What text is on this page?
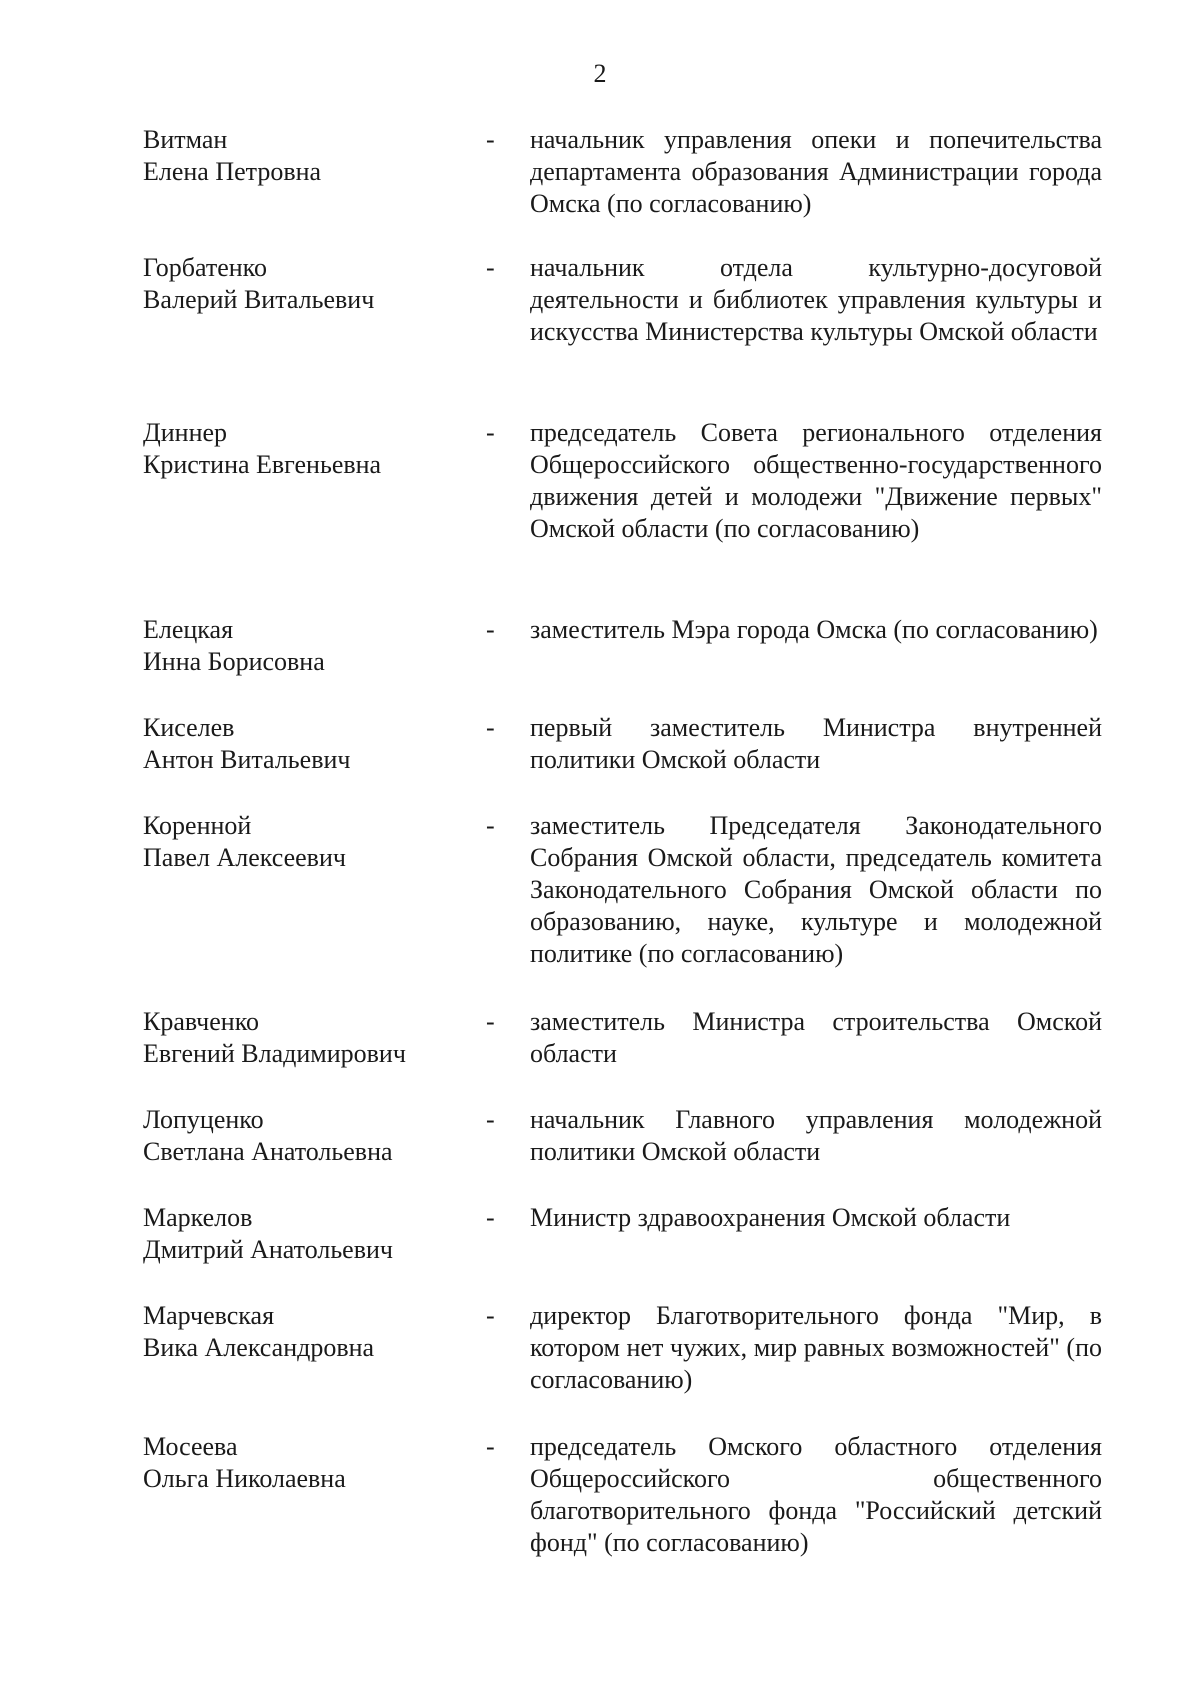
2
Витман
Елена Петровна
-	начальник управления опеки и попечительства департамента образования Администрации города Омска (по согласованию)
Горбатенко
Валерий Витальевич
-	начальник отдела культурно-досуговой деятельности и библиотек управления культуры и искусства Министерства культуры Омской области
Диннер
Кристина Евгеньевна
-	председатель Совета регионального отделения Общероссийского общественно-государственного движения детей и молодежи "Движение первых" Омской области (по согласованию)
Елецкая
Инна Борисовна
-	заместитель Мэра города Омска (по согласованию)
Киселев
Антон Витальевич
-	первый заместитель Министра внутренней политики Омской области
Коренной
Павел Алексеевич
-	заместитель Председателя Законодательного Собрания Омской области, председатель комитета Законодательного Собрания Омской области по образованию, науке, культуре и молодежной политике (по согласованию)
Кравченко
Евгений Владимирович
-	заместитель Министра строительства Омской области
Лопуценко
Светлана Анатольевна
-	начальник Главного управления молодежной политики Омской области
Маркелов
Дмитрий Анатольевич
-	Министр здравоохранения Омской области
Марчевская
Вика Александровна
-	директор Благотворительного фонда "Мир, в котором нет чужих, мир равных возможностей" (по согласованию)
Мосеева
Ольга Николаевна
-	председатель Омского областного отделения Общероссийского общественного благотворительного фонда "Российский детский фонд" (по согласованию)
